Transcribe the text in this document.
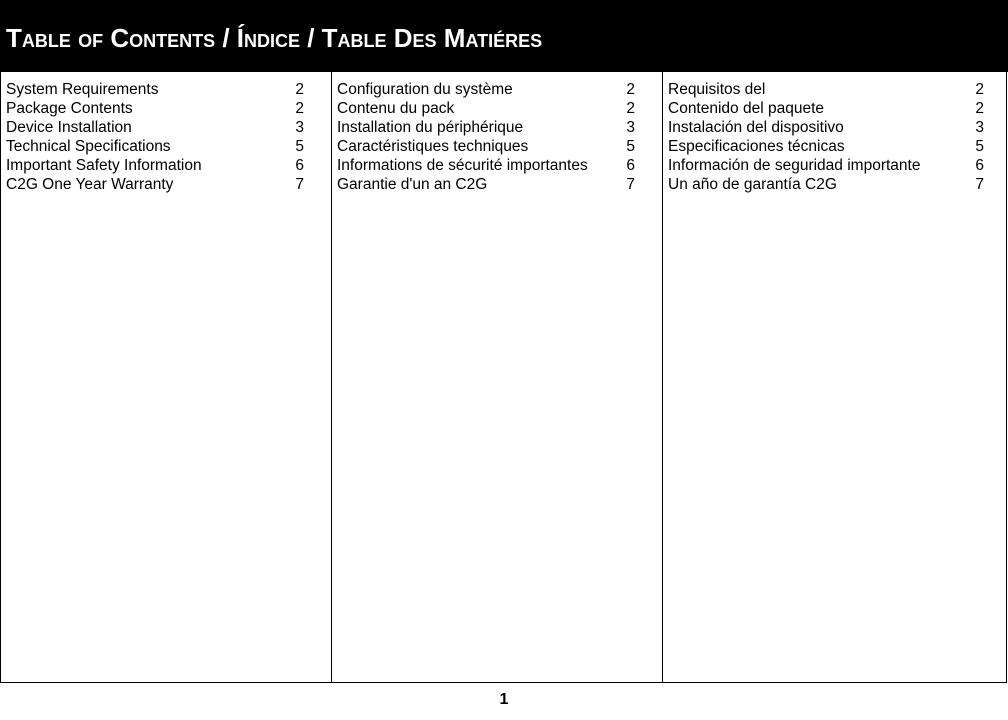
Table of Contents / Índice / Table Des Matiéres
System Requirements	2
Package Contents	2
Device Installation	3
Technical Specifications	5
Important Safety Information	6
C2G One Year Warranty	7
Configuration du système	2
Contenu du pack	2
Installation du périphérique	3
Caractéristiques techniques	5
Informations de sécurité importantes 6
Garantie d'un an C2G	7
Requisitos del	2
Contenido del paquete	2
Instalación del dispositivo	3
Especificaciones técnicas	5
Información de seguridad importante	6
Un año de garantía C2G	7
1
